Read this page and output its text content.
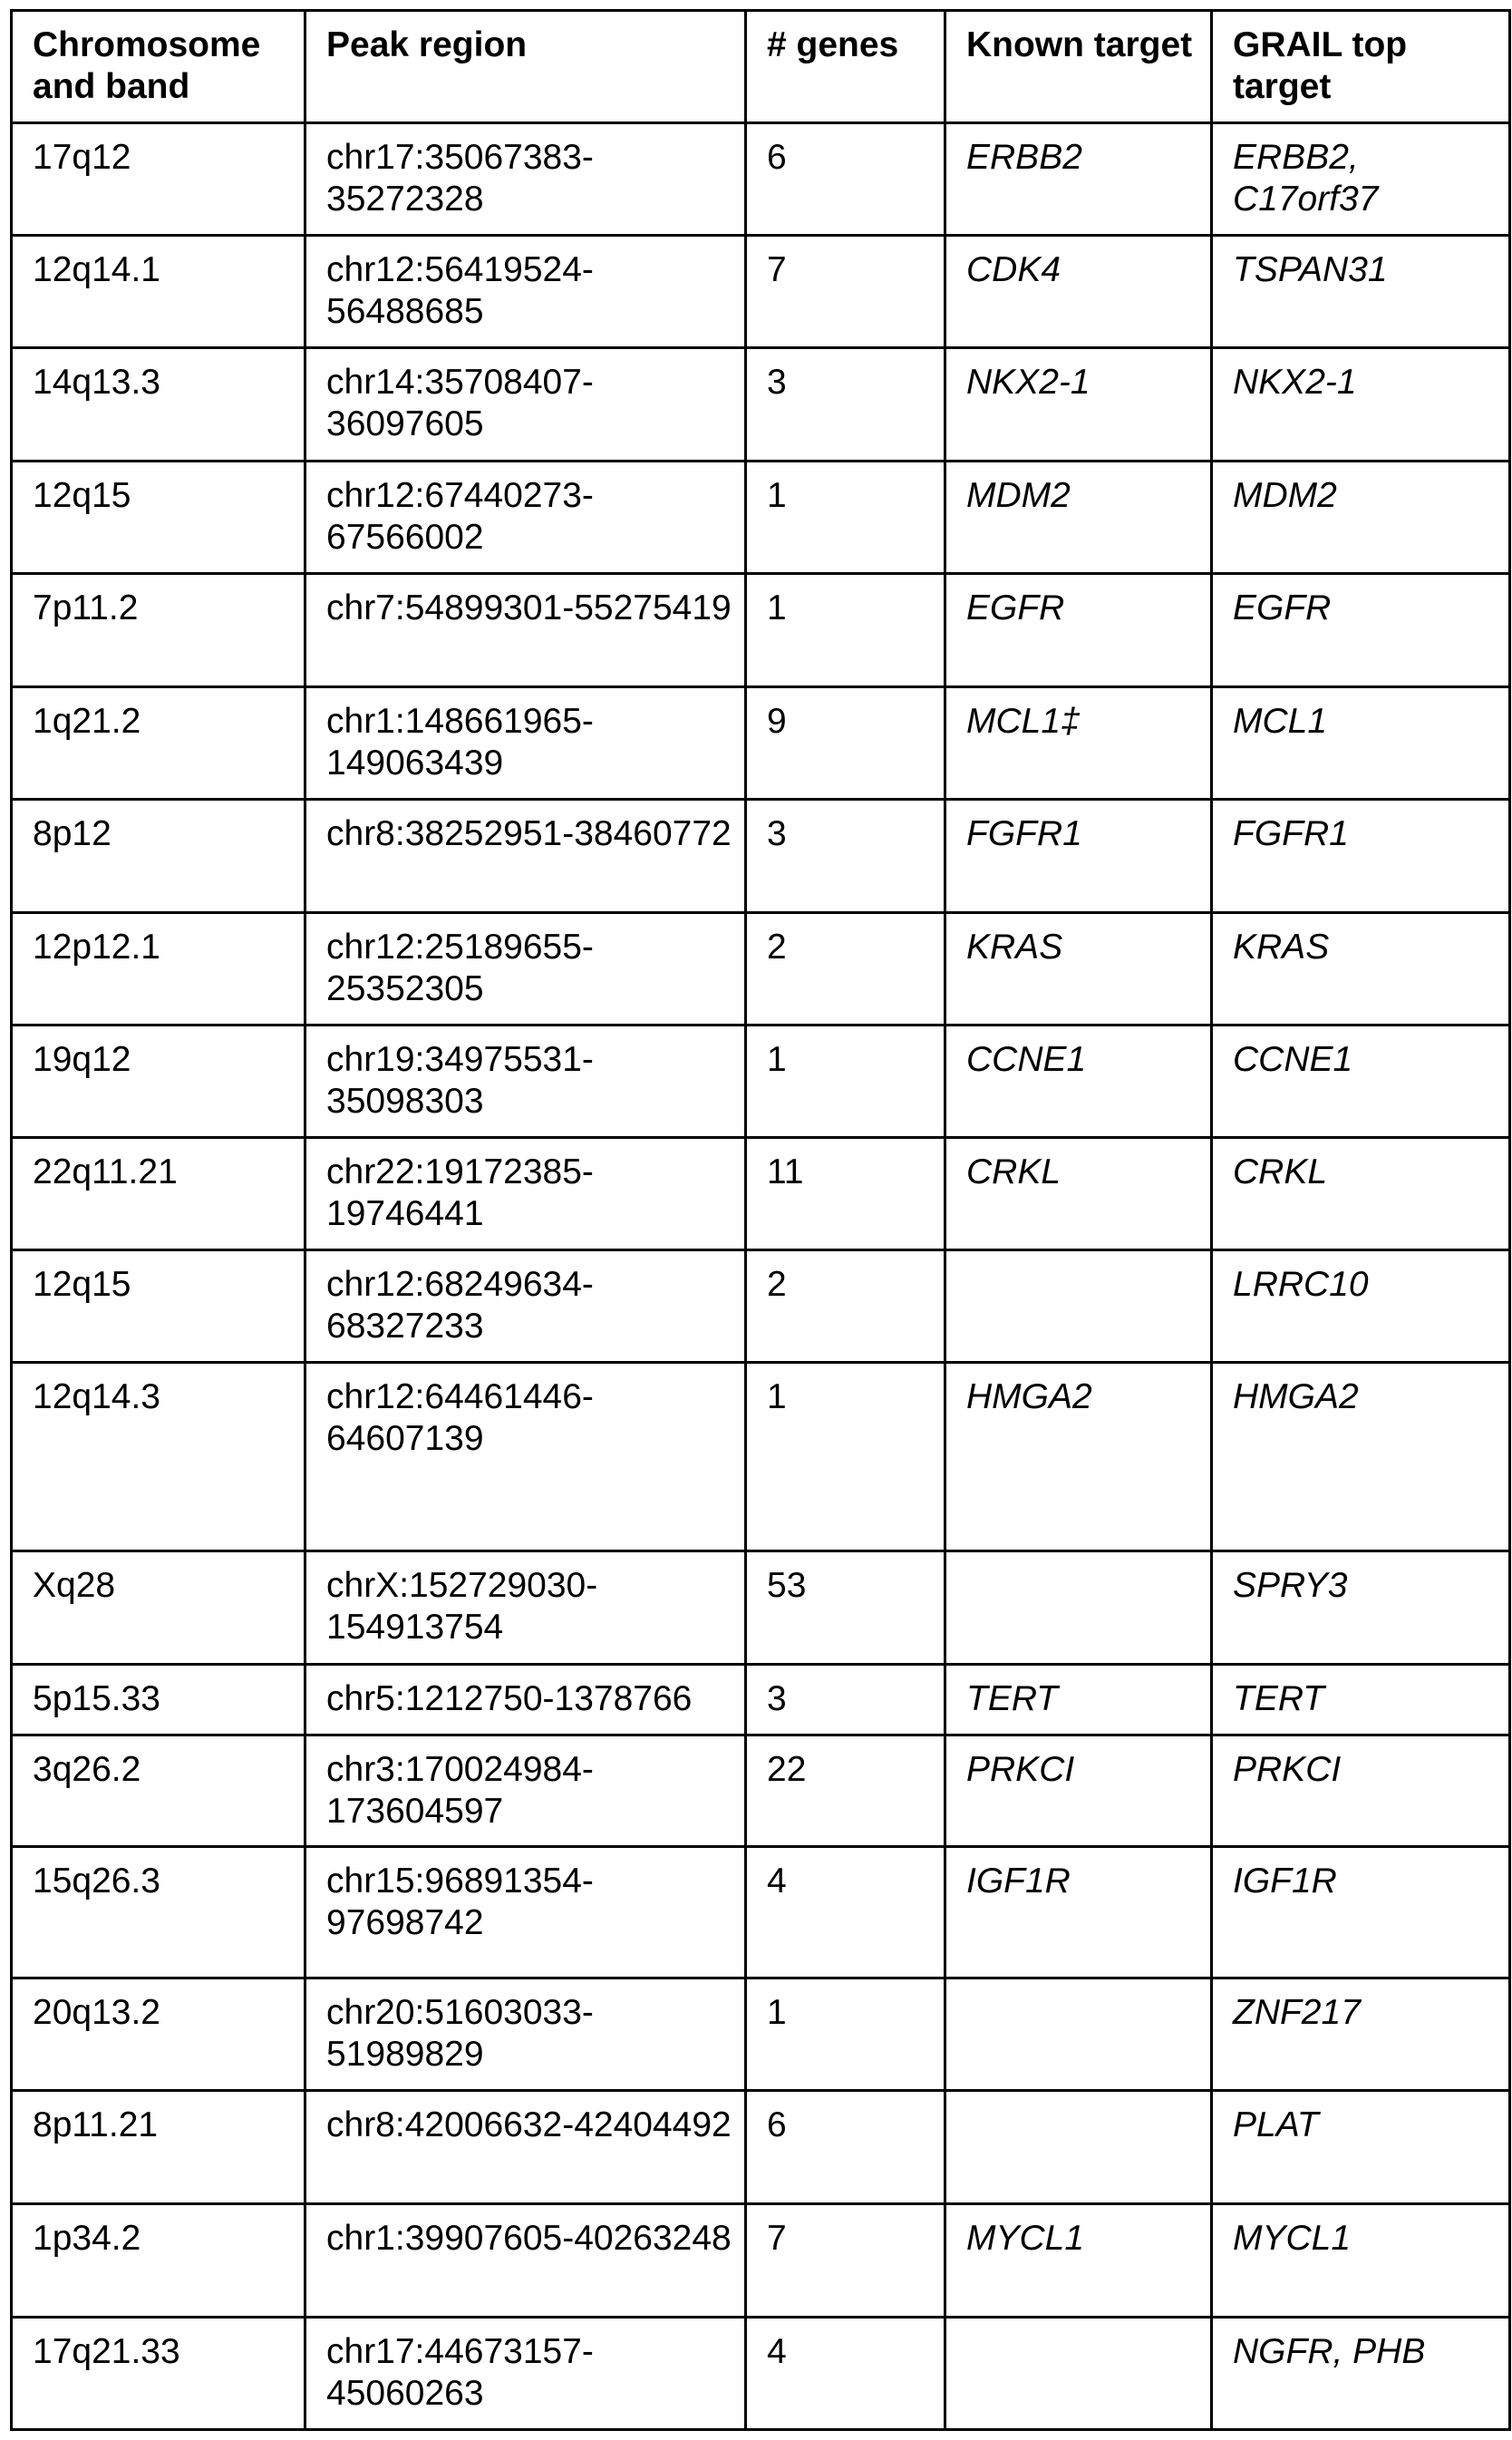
Chromosome and band	Peak region	# genes	Known target	GRAIL top target
17q12	chr17:35067383-35272328	6	ERBB2	ERBB2, C17orf37
12q14.1	chr12:56419524-56488685	7	CDK4	TSPAN31
14q13.3	chr14:35708407-36097605	3	NKX2-1	NKX2-1
12q15	chr12:67440273-67566002	1	MDM2	MDM2
7p11.2	chr7:54899301-55275419	1	EGFR	EGFR
1q21.2	chr1:148661965-149063439	9	MCL1‡	MCL1
8p12	chr8:38252951-38460772	3	FGFR1	FGFR1
12p12.1	chr12:25189655-25352305	2	KRAS	KRAS
19q12	chr19:34975531-35098303	1	CCNE1	CCNE1
22q11.21	chr22:19172385-19746441	11	CRKL	CRKL
12q15	chr12:68249634-68327233	2		LRRC10
12q14.3	chr12:64461446-64607139	1	HMGA2	HMGA2
Xq28	chrX:152729030-154913754	53		SPRY3
5p15.33	chr5:1212750-1378766	3	TERT	TERT
3q26.2	chr3:170024984-173604597	22	PRKCI	PRKCI
15q26.3	chr15:96891354-97698742	4	IGF1R	IGF1R
20q13.2	chr20:51603033-51989829	1		ZNF217
8p11.21	chr8:42006632-42404492	6		PLAT
1p34.2	chr1:39907605-40263248	7	MYCL1	MYCL1
17q21.33	chr17:44673157-45060263	4		NGFR, PHB
